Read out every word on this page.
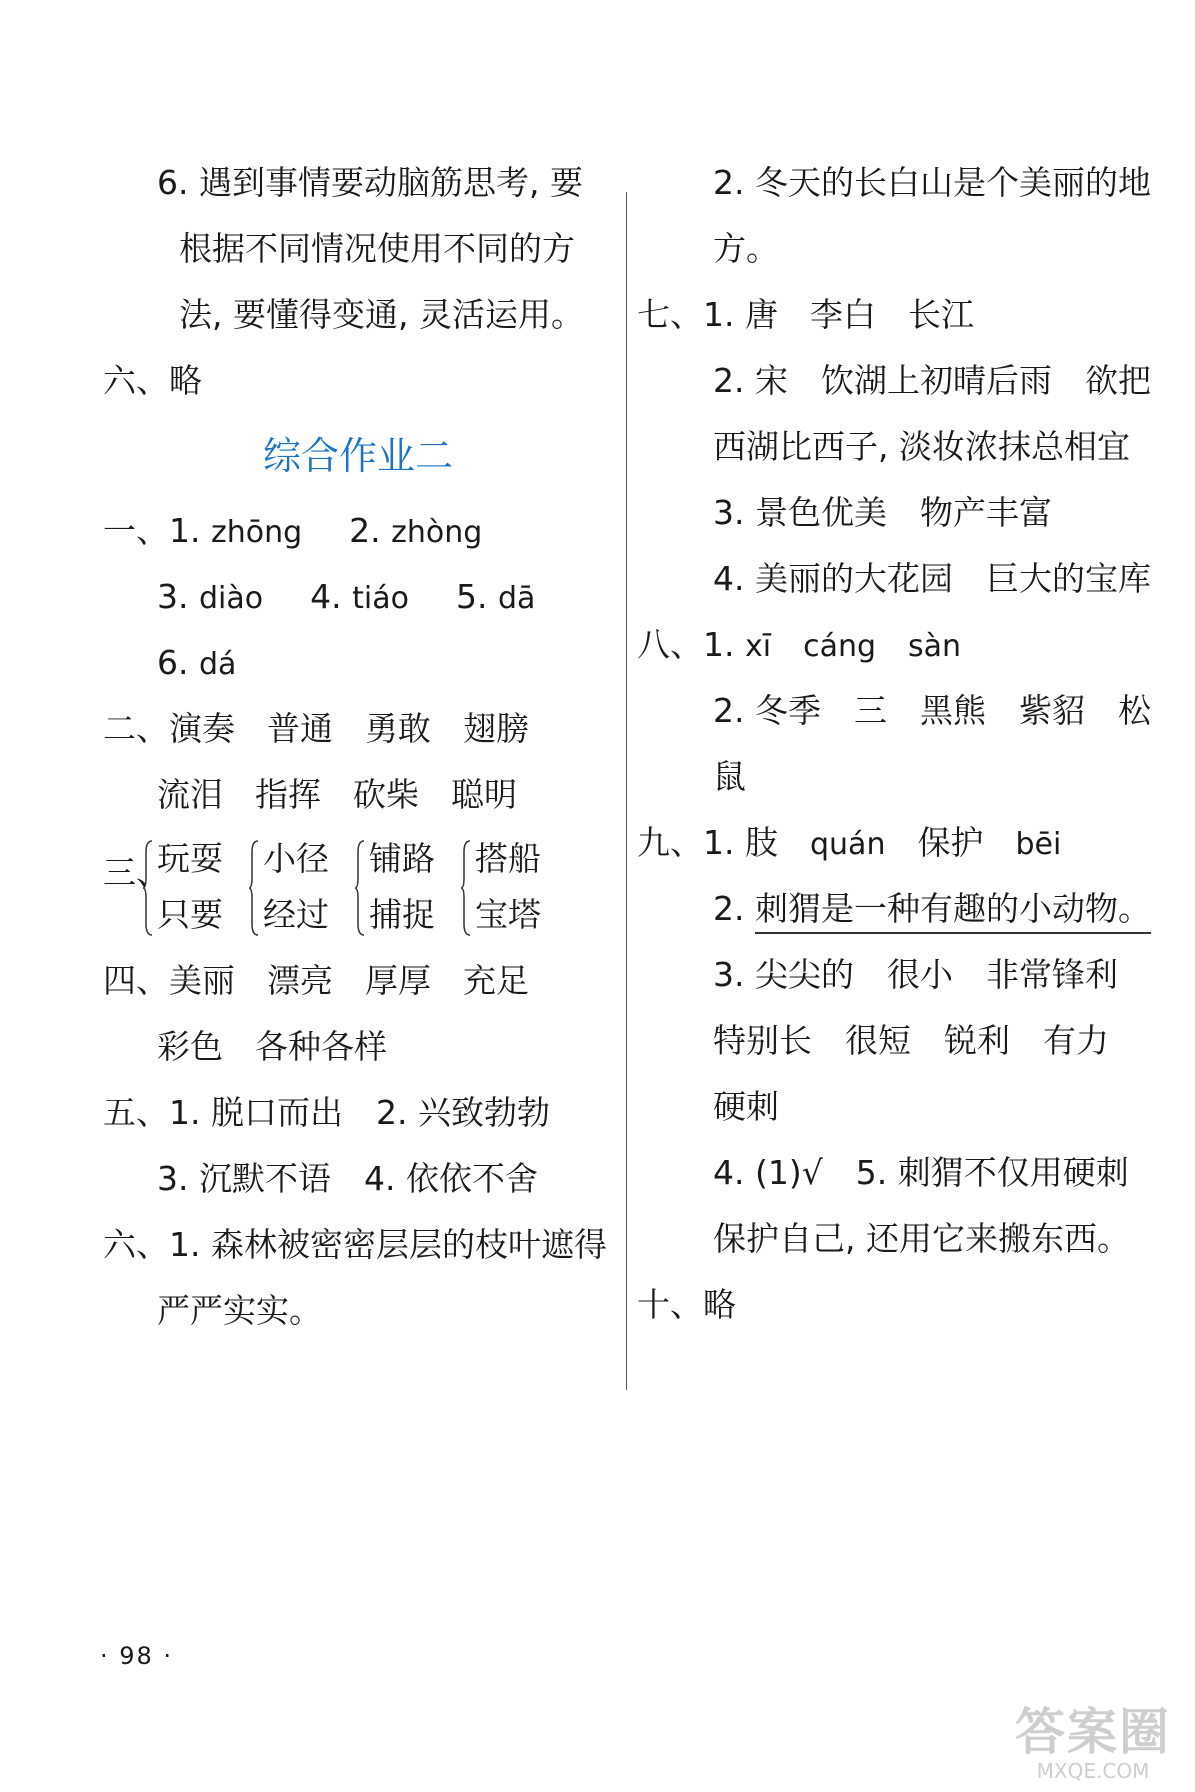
6. 遇到事情要动脑筋思考, 要
根据不同情况使用不同的方
法, 要懂得变通, 灵活运用。
六、略
综合作业二
一、1. zhōng 2. zhòng
3. diào 4. tiáo 5. dā
6. dá
二、演奏 普通 勇敢 翅膀
流泪 指挥 砍柴 聪明
三、
玩耍
只要
小径
经过
铺路
捕捉
搭船
宝塔
四、美丽 漂亮 厚厚 充足
彩色 各种各样
五、1. 脱口而出　2. 兴致勃勃
3. 沉默不语　4. 依依不舍
六、1. 森林被密密层层的枝叶遮得
严严实实。
2. 冬天的长白山是个美丽的地
方。
七、1. 唐 李白 长江
2. 宋　饮湖上初晴后雨　欲把
西湖比西子, 淡妆浓抹总相宜
3. 景色优美　物产丰富
4. 美丽的大花园　巨大的宝库
八、1. xī cáng sàn
2. 冬季　三　黑熊　紫貂　松
鼠
九、1. 肢 quán 保护 bēi
2. 刺猬是一种有趣的小动物。
3. 尖尖的　很小　非常锋利
特别长　很短　锐利　有力
硬刺
4. (1)√　5. 刺猬不仅用硬刺
保护自己, 还用它来搬东西。
十、略
· 98 ·
答案圈
MXQE.COM
